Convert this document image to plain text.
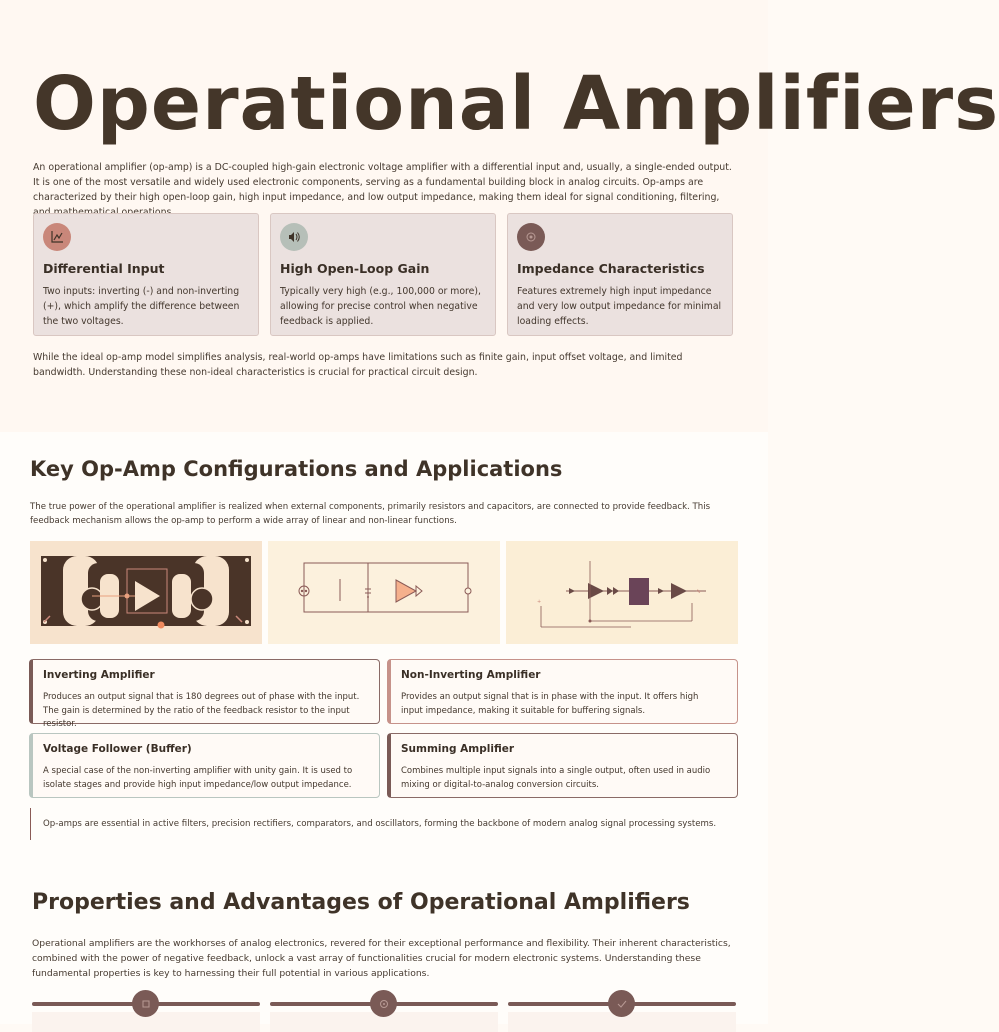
Operational Amplifiers

An operational amplifier (op-amp) is a DC-coupled high-gain electronic voltage amplifier with a differential input and, usually, a single-ended output. It is one of the most versatile and widely used electronic components, serving as a fundamental building block in analog circuits. Op-amps are characterized by their high open-loop gain, high input impedance, and low output impedance, making them ideal for signal conditioning, filtering,

Differential Input

Two inputs: inverting (-) and non-inverting (+), which amplify the difference between the two voltages.

High Open-Loop Gain

Typically very high (e.g., 100,000 or more), allowing for precise control when negative feedback is applied.

Impedance Characteristics

Features extremely high input impedance and very low output impedance for minimal loading effects.

While the ideal op-amp model simplifies analysis, real-world op-amps have limitations such as finite gain, input offset voltage, and limited bandwidth. Understanding these non-ideal characteristics is crucial for practical circuit design.

Key Op-Amp Configurations and Applications

The true power of the operational amplifier is realized when external components, primarily resistors and capacitors, are connected to provide feedback. This feedback mechanism allows the op-amp to perform a wide array of linear and non-linear functions.

∿
+
Inverting Amplifier

Produces an output signal that is 180 degrees out of phase with the input. The gain is determined by the ratio of the feedback resistor to the input resistor.

Non-Inverting Amplifier

Provides an output signal that is in phase with the input. It offers high input impedance, making it suitable for buffering signals.

Voltage Follower (Buffer)

A special case of the non-inverting amplifier with unity gain. It is used to isolate stages and provide high input impedance/low output impedance.

Summing Amplifier

Combines multiple input signals into a single output, often used in audio mixing or digital-to-analog conversion circuits.

Op-amps are essential in active filters, precision rectifiers, comparators, and oscillators, forming the backbone of modern analog signal processing systems.
Properties and Advantages of Operational Amplifiers

Operational amplifiers are the workhorses of analog electronics, revered for their exceptional performance and flexibility. Their inherent characteristics, combined with the power of negative feedback, unlock a vast array of functionalities crucial for modern electronic systems. Understanding these fundamental properties is key to harnessing their full potential in various applications.
